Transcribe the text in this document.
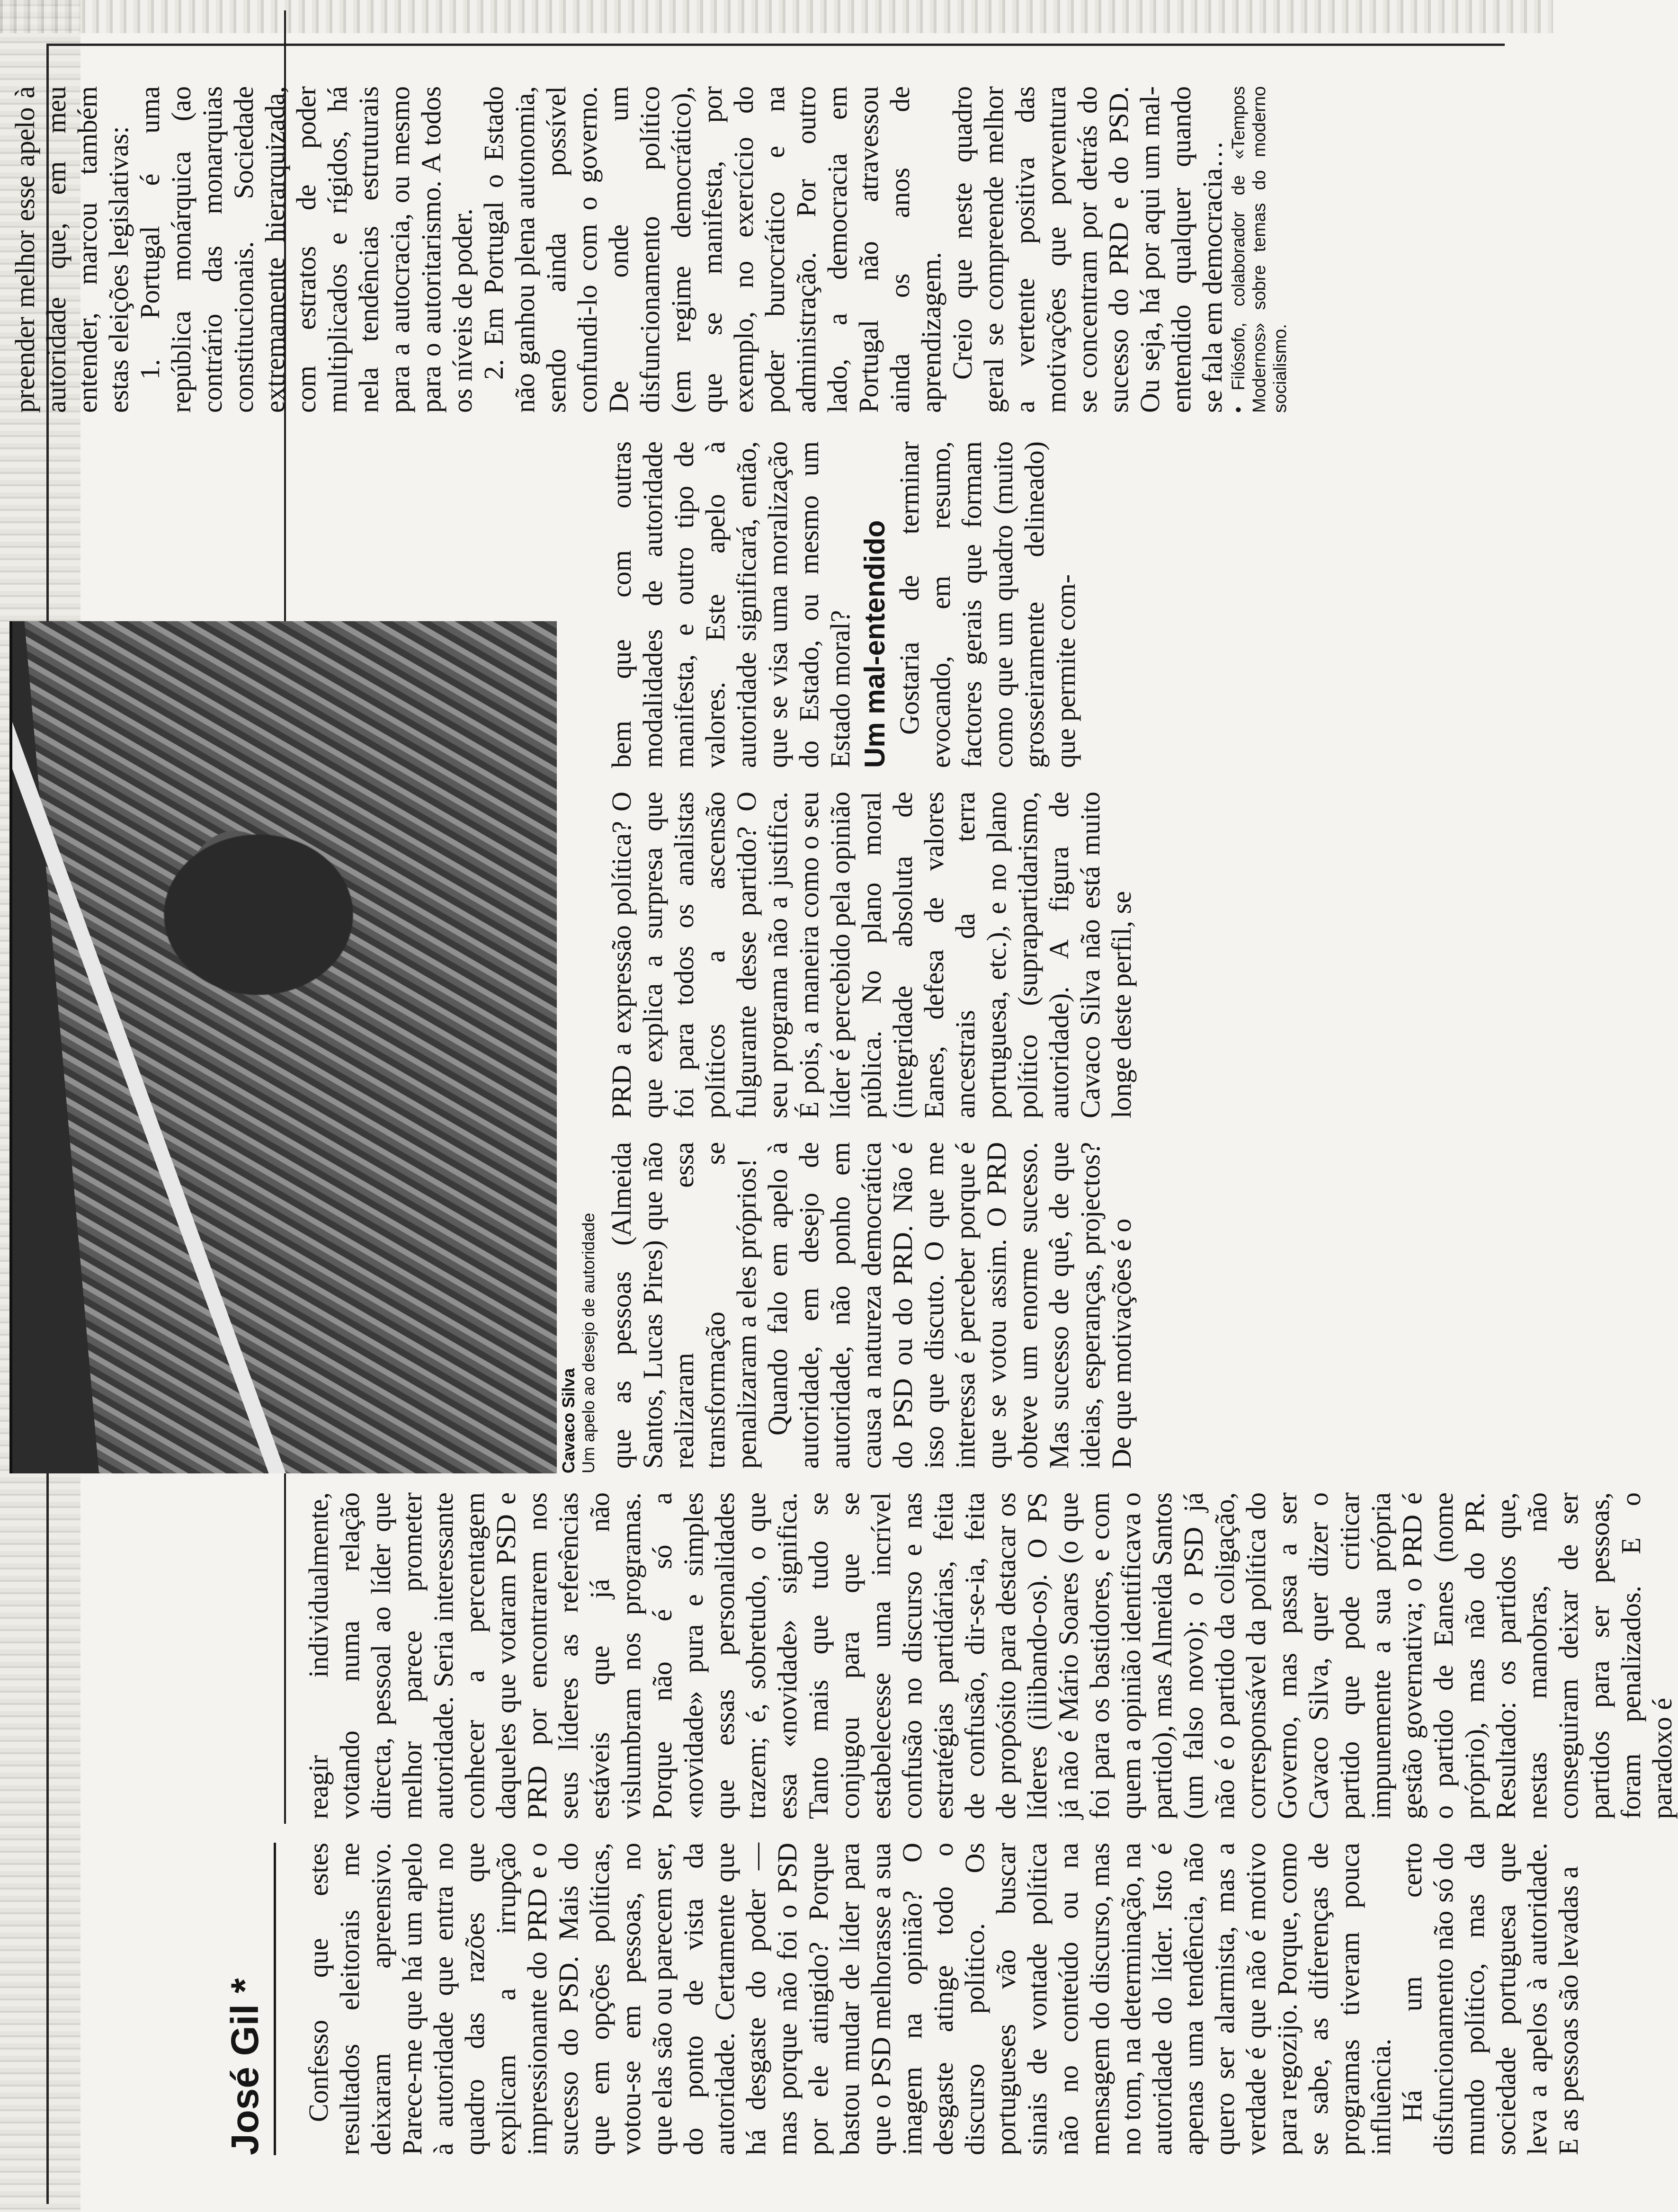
José Gil *	Confesso que estes resultados eleitorais me deixaram apreensivo. Parece-me que há um apelo à autoridade que entra no quadro das razões que explicam a irrupção impressionante do PRD e o sucesso do PSD. Mais do que em opções políticas, votou-se em pessoas, no que elas são ou parecem ser, do ponto de vista da autoridade. Certamente que há desgaste do poder — mas porque não foi o PSD por ele atingido? Porque bastou mudar de líder para que o PSD melhorasse a sua imagem na opinião? O desgaste atinge todo o discurso político. Os portugueses vão buscar sinais de vontade política não no conteúdo ou na mensagem do discurso, mas no tom, na determinação, na autoridade do líder. Isto é apenas uma tendência, não quero ser alarmista, mas a verdade é que não é motivo para regozijo. Porque, como se sabe, as diferenças de programas tiveram pouca influência. Há um certo disfuncionamento não só do mundo político, mas da sociedade portuguesa que leva a apelos à autoridade. E as pessoas são levadas a

reagir individualmente, votando numa relação directa, pessoal ao líder que melhor parece prometer autoridade. Seria interessante conhecer a percentagem daqueles que votaram PSD e PRD por encontrarem nos seus líderes as referências estáveis que já não vislumbram nos programas. Porque não é só a «novidade» pura e simples que essas personalidades trazem; é, sobretudo, o que essa «novidade» significa. Tanto mais que tudo se conjugou para que se estabelecesse uma incrível confusão no discurso e nas estratégias partidárias, feita de confusão, dir-se-ia, feita de propósito para destacar os líderes (iliibando-os). O PS já não é Mário Soares (o que foi para os bastidores, e com quem a opinião identificava o partido), mas Almeida Santos (um falso novo); o PSD já não é o partido da coligação, corresponsável da política do Governo, mas passa a ser Cavaco Silva, quer dizer o partido que pode criticar impunemente a sua própria gestão governativa; o PRD é o partido de Eanes (nome próprio), mas não do PR. Resultado: os partidos que, nestas manobras, não conseguiram deixar de ser partidos para ser pessoas, foram penalizados. E o paradoxo é

Cavaco Silva Um apelo ao desejo de autoridade que as pessoas (Almeida Santos, Lucas Pires) que não realizaram essa transformação se penalizaram a eles próprios! Quando falo em apelo à autoridade, em desejo de autoridade, não ponho em causa a natureza democrática do PSD ou do PRD. Não é isso que discuto. O que me interessa é perceber porque é que se votou assim. O PRD obteve um enorme sucesso. Mas sucesso de quê, de que ideias, esperanças, projectos? De que motivações é o

PRD a expressão política? O que explica a surpresa que foi para todos os analistas políticos a ascensão fulgurante desse partido? O seu programa não a justifica. É pois, a maneira como o seu líder é percebido pela opinião pública. No plano moral (integridade absoluta de Eanes, defesa de valores ancestrais da terra portuguesa, etc.), e no plano político (suprapartidarismo, autoridade). A figura de Cavaco Silva não está muito longe deste perfil, se

bem que com outras modalidades de autoridade manifesta, e outro tipo de valores. Este apelo à autoridade significará, então, que se visa uma moralização do Estado, ou mesmo um Estado moral? Um mal-entendido Gostaria de terminar evocando, em resumo, factores gerais que formam como que um quadro (muito grosseiramente delineado) que permite com-

preender melhor esse apelo à autoridade que, em meu entender, marcou também estas eleições legislativas: 1. Portugal é uma república monárquica (ao contrário das monarquias constitucionais. Sociedade extremamente hierarquizada, com estratos de poder multiplicados e rígidos, há nela tendências estruturais para a autocracia, ou mesmo para o autoritarismo. A todos os níveis de poder. 2. Em Portugal o Estado não ganhou plena autonomia, sendo ainda possível confundi-lo com o governo. De onde um disfuncionamento político (em regime democrático), que se manifesta, por exemplo, no exercício do poder burocrático e na administração. Por outro lado, a democracia em Portugal não atravessou ainda os anos de aprendizagem. Creio que neste quadro geral se compreende melhor a vertente positiva das motivações que porventura se concentram por detrás do sucesso do PRD e do PSD. Ou seja, há por aqui um mal-entendido qualquer quando se fala em democracia… • Filósofo, colaborador de «Tempos Modernos» sobre temas do moderno socialismo.
